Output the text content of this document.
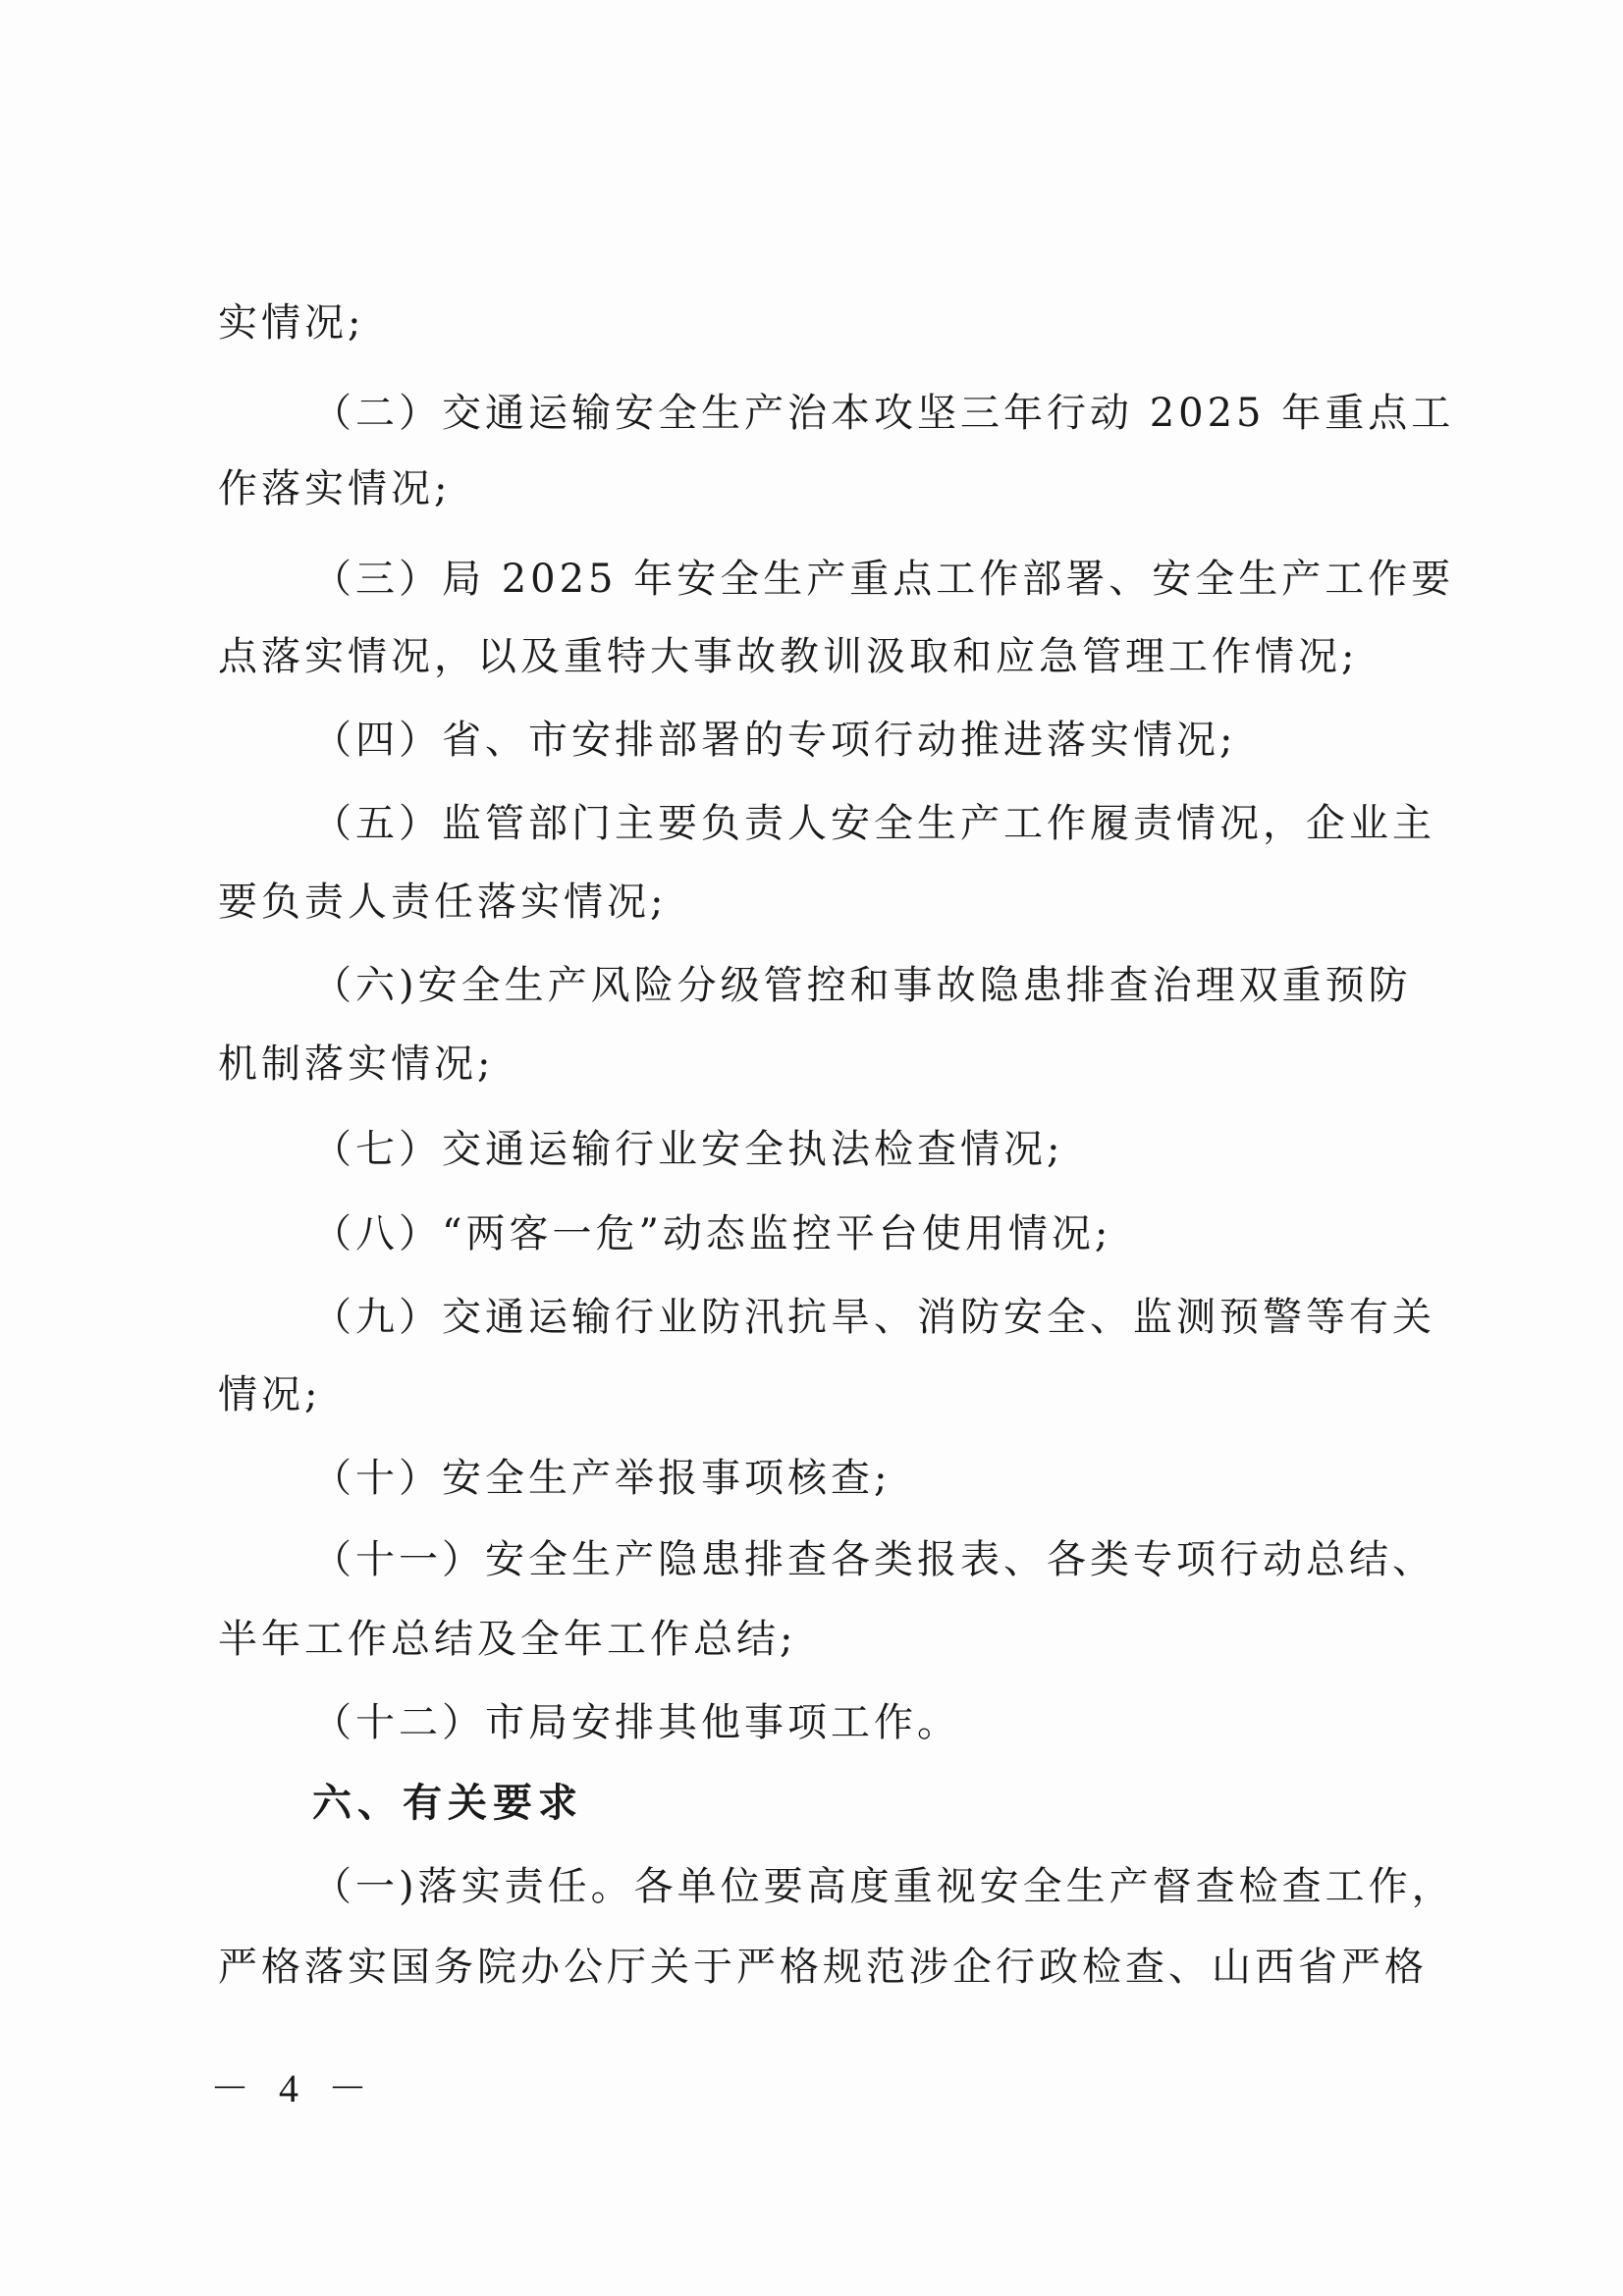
实情况;
（二）交通运输安全生产治本攻坚三年行动 2025 年重点工
作落实情况;
（三）局 2025 年安全生产重点工作部署、安全生产工作要
点落实情况，以及重特大事故教训汲取和应急管理工作情况;
（四）省、市安排部署的专项行动推进落实情况;
（五）监管部门主要负责人安全生产工作履责情况，企业主
要负责人责任落实情况;
（六)安全生产风险分级管控和事故隐患排查治理双重预防
机制落实情况;
（七）交通运输行业安全执法检查情况;
（八）“两客一危”动态监控平台使用情况;
（九）交通运输行业防汛抗旱、消防安全、监测预警等有关
情况;
（十）安全生产举报事项核查;
（十一）安全生产隐患排查各类报表、各类专项行动总结、
半年工作总结及全年工作总结;
（十二）市局安排其他事项工作。
六、有关要求
（一)落实责任。各单位要高度重视安全生产督查检查工作，
严格落实国务院办公厅关于严格规范涉企行政检查、山西省严格
－ 4 －
